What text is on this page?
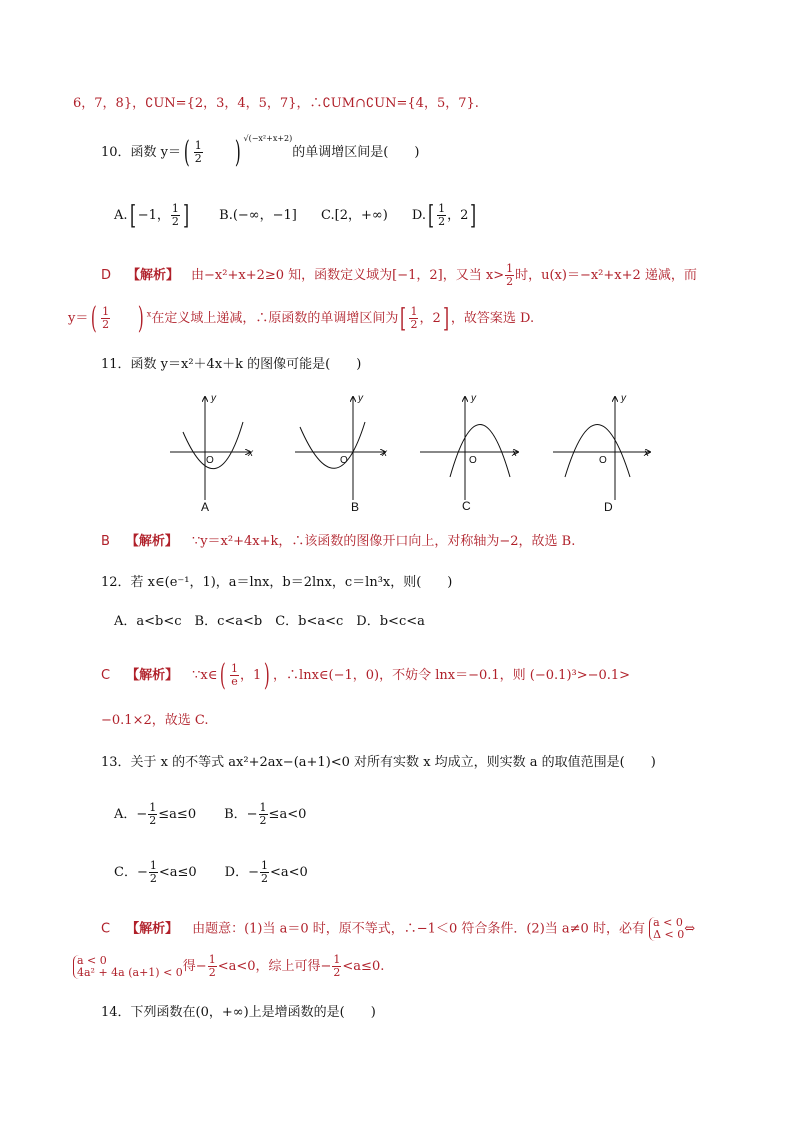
6，7，8}，∁UN={2，3，4，5，7}，∴∁UM∩∁UN={4，5，7}.
10．函数 $y=( \frac{1}{2}$ ) $^{√(-x^2+x+2)}$的单调增区间是(　　)
A.[ −1， $\frac{1}{2}$ ] B.(−∞，−1] C.[2，+∞) $D.[ \frac{1}{2}$ ，2]
D 【解析】 由−x²+x+2≥0 知，函数定义域为[−1，2]，又当 $x> \frac{1}{2}$ 时，u(x)＝−x²+x+2 递减，而
$y=( \frac{1}{2}$ ) $^x$在定义域上递减，∴原函数的单调增区间为[ $\frac{1}{2}$ ，2] ，故答案选 D.
11．函数 y＝x²＋4x＋k 的图像可能是(　　)
y
x
O
y
x
O
y
x
O
y
x
O
A	B	C	D
B 【解析】 ∵y＝x²+4x+k，∴该函数的图像开口向上，对称轴为−2，故选 B.
12．若 x∈(e⁻¹，1)，a＝lnx，b＝2lnx，c＝ln³x，则(　　)
A．a<b<c　B．c<a<b　C．b<a<c　D．b<c<a
C 【解析】 ∵x∈( $\frac{1}{e}$ ，1) ，∴lnx∈(−1，0)，不妨令 lnx＝−0.1，则 (−0.1)³>−0.1>
−0.1×2，故选 C.
13．关于 x 的不等式 ax²+2ax−(a+1)<0 对所有实数 x 均成立，则实数 a 的取值范围是(　　)
A．− $\frac{1}{2} \le a\le 0$ B．− $\frac{1}{2} \le a<0$
C．− $\frac{1}{2} <a\le 0$ D．− $\frac{1}{2} <a<0$
C 【解析】 由题意：(1)当 a＝0 时，原不等式，∴−1＜0 符合条件．(2)当 a≠0 时，必有 a < 0
Δ < 0 ⇔
a < 0
4a² + 4a (a+1) < 0 得− $\frac{1}{2} <a<0$，综上可得− $\frac{1}{2} <a\le 0$.
14．下列函数在(0，+∞)上是增函数的是(　　)
